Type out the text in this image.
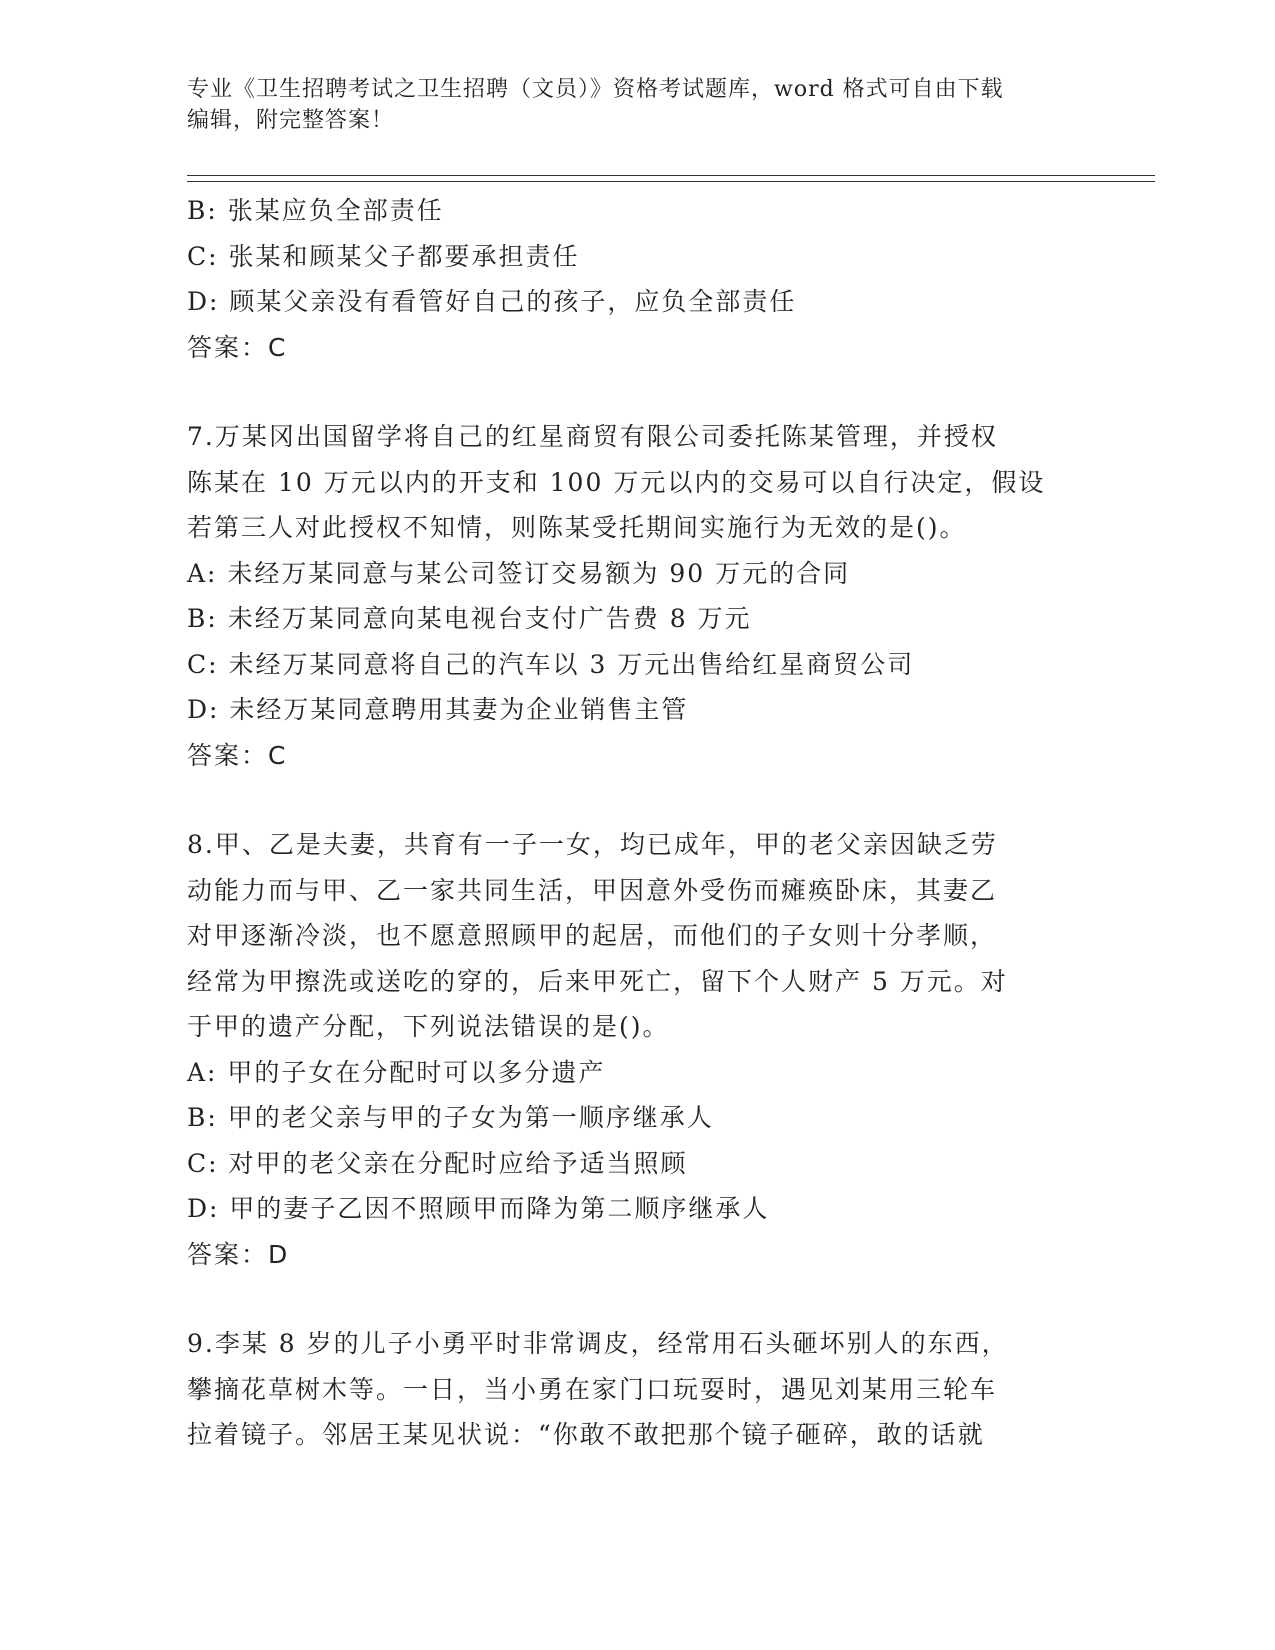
专业《卫生招聘考试之卫生招聘（文员）》资格考试题库，word 格式可自由下载
编辑，附完整答案！
B: 张某应负全部责任
C: 张某和顾某父子都要承担责任
D: 顾某父亲没有看管好自己的孩子，应负全部责任
答案：C
7.万某冈出国留学将自己的红星商贸有限公司委托陈某管理，并授权
陈某在 10 万元以内的开支和 100 万元以内的交易可以自行决定，假设
若第三人对此授权不知情，则陈某受托期间实施行为无效的是()。
A: 未经万某同意与某公司签订交易额为 90 万元的合同
B: 未经万某同意向某电视台支付广告费 8 万元
C: 未经万某同意将自己的汽车以 3 万元出售给红星商贸公司
D: 未经万某同意聘用其妻为企业销售主管
答案：C
8.甲、乙是夫妻，共育有一子一女，均已成年，甲的老父亲因缺乏劳
动能力而与甲、乙一家共同生活，甲因意外受伤而瘫痪卧床，其妻乙
对甲逐渐冷淡，也不愿意照顾甲的起居，而他们的子女则十分孝顺，
经常为甲擦洗或送吃的穿的，后来甲死亡，留下个人财产 5 万元。对
于甲的遗产分配，下列说法错误的是()。
A: 甲的子女在分配时可以多分遗产
B: 甲的老父亲与甲的子女为第一顺序继承人
C: 对甲的老父亲在分配时应给予适当照顾
D: 甲的妻子乙因不照顾甲而降为第二顺序继承人
答案：D
9.李某 8 岁的儿子小勇平时非常调皮，经常用石头砸坏别人的东西，
攀摘花草树木等。一日，当小勇在家门口玩耍时，遇见刘某用三轮车
拉着镜子。邻居王某见状说：“你敢不敢把那个镜子砸碎，敢的话就
